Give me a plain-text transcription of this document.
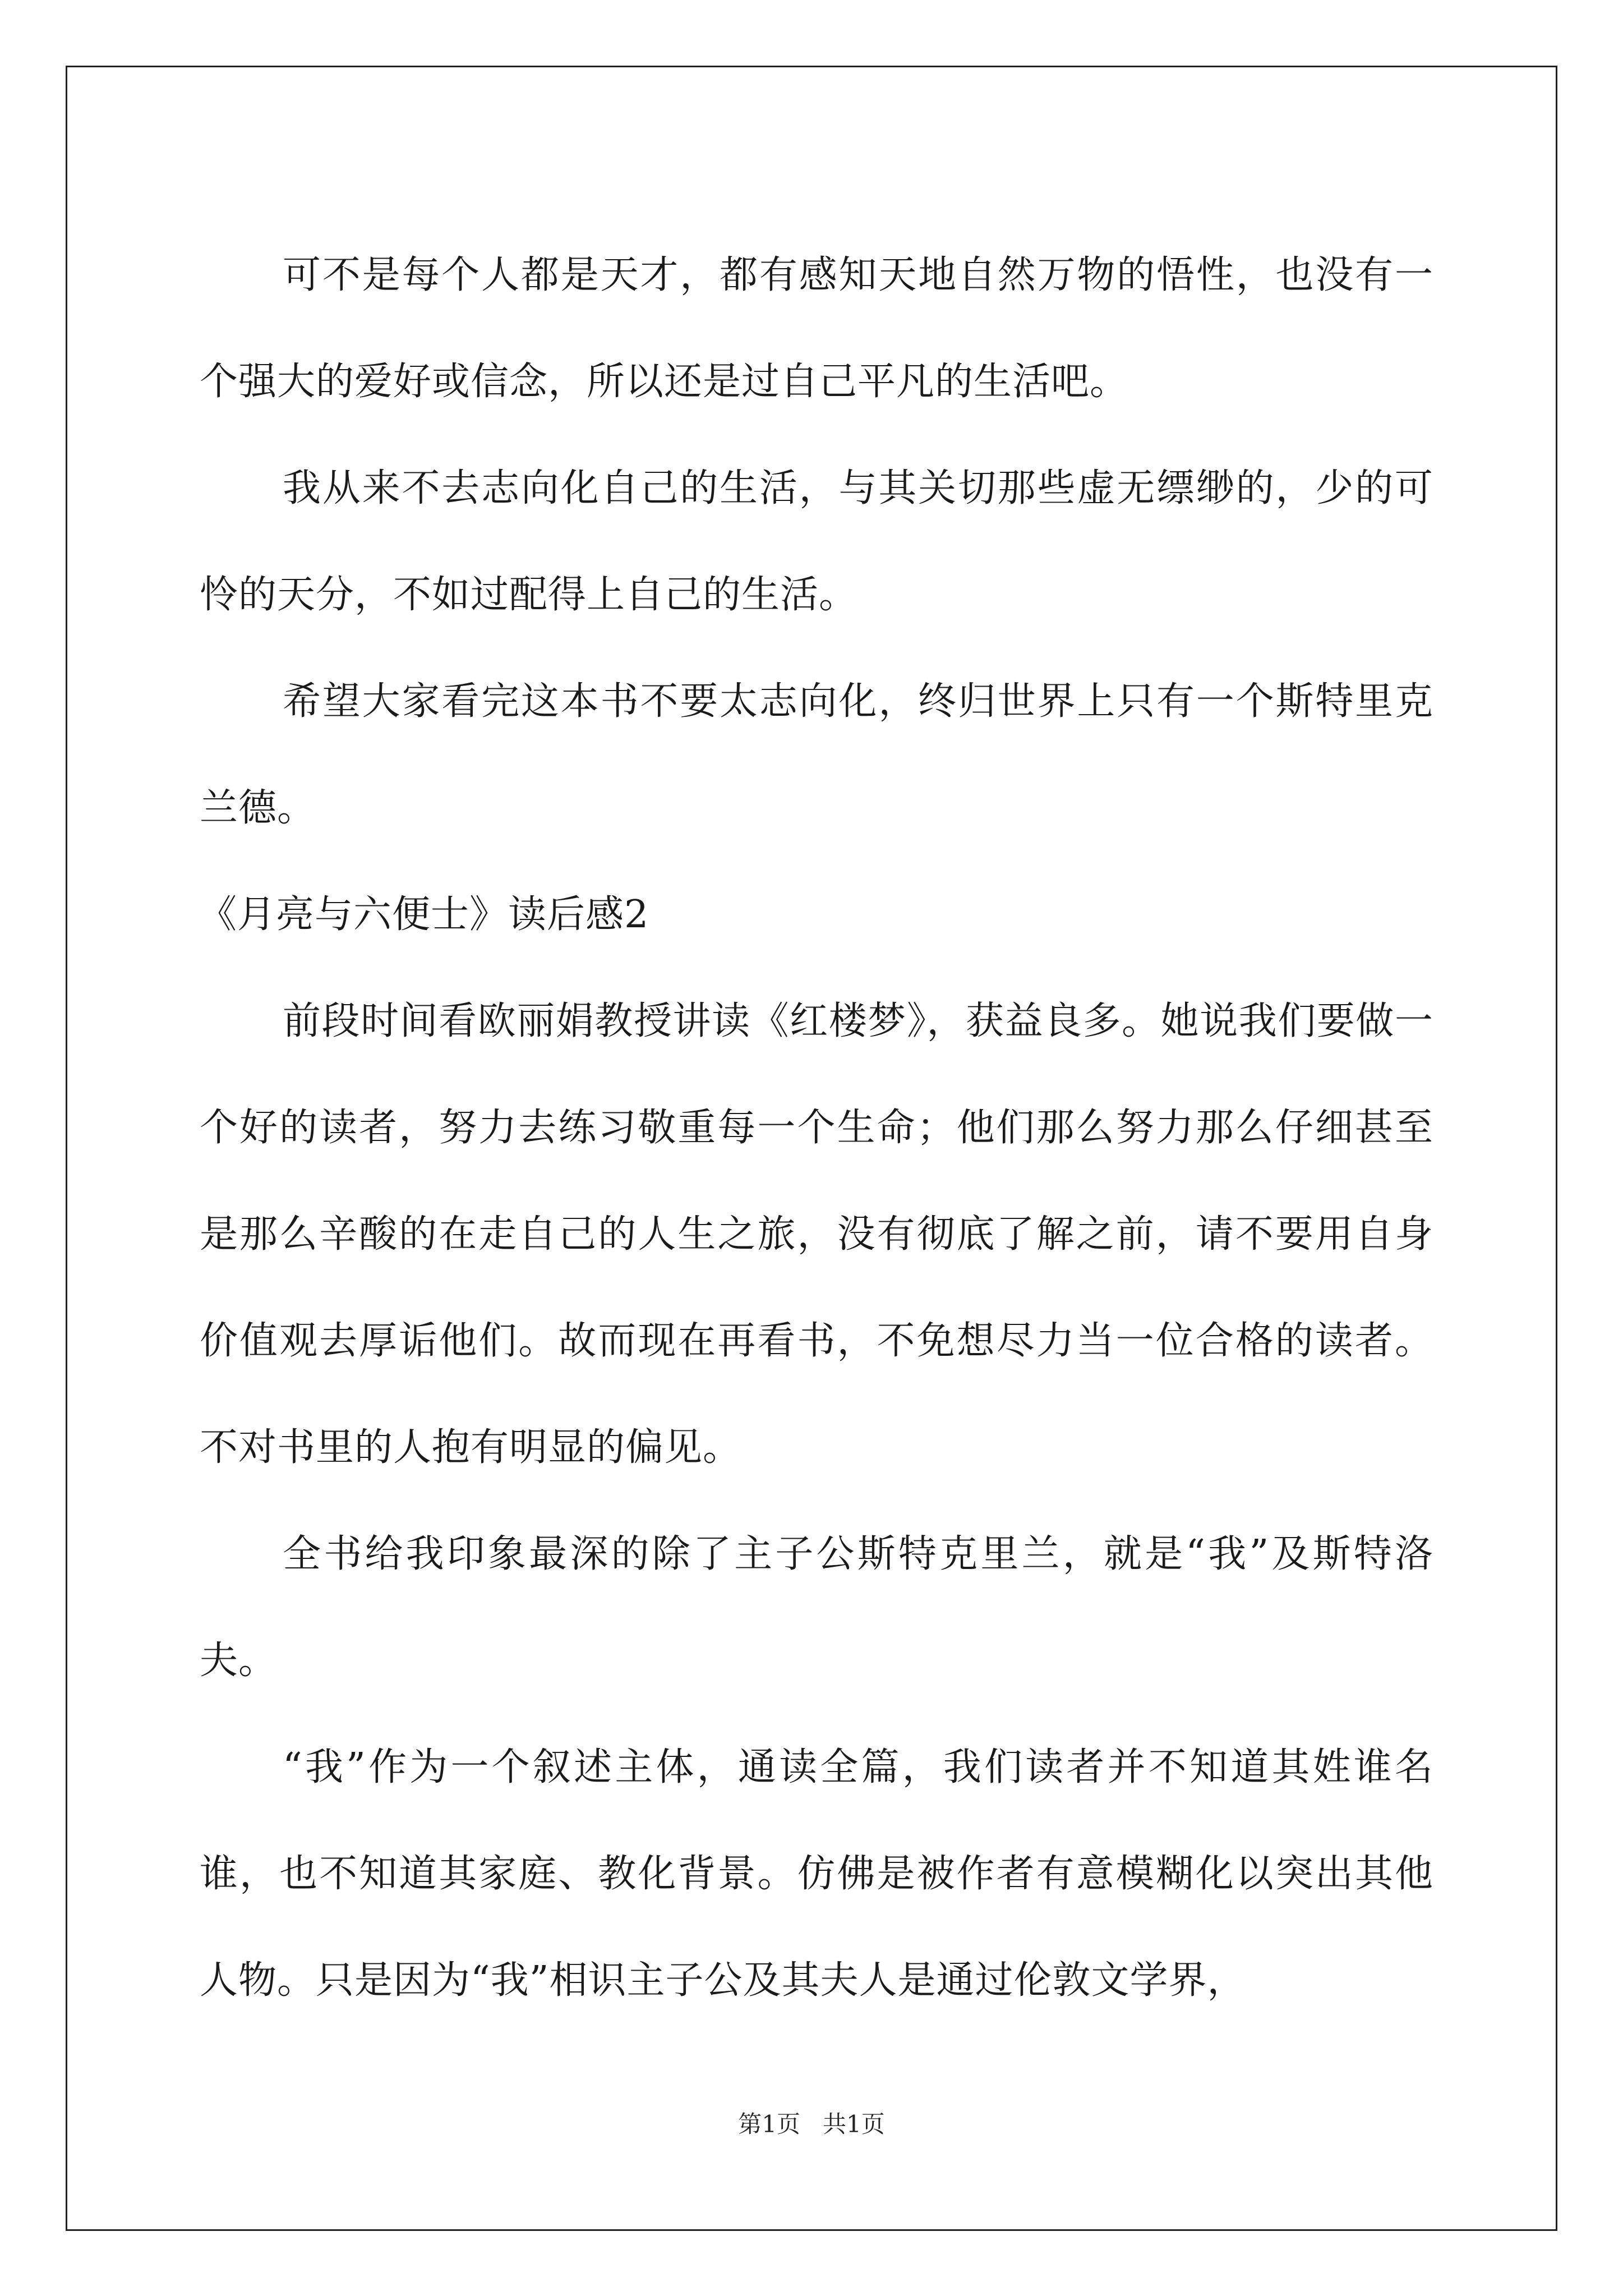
可不是每个人都是天才，都有感知天地自然万物的悟性，也没有一个强大的爱好或信念，所以还是过自己平凡的生活吧。

我从来不去志向化自己的生活，与其关切那些虚无缥缈的，少的可怜的天分，不如过配得上自己的生活。

希望大家看完这本书不要太志向化，终归世界上只有一个斯特里克兰德。

《月亮与六便士》读后感2

前段时间看欧丽娟教授讲读《红楼梦》，获益良多。她说我们要做一个好的读者，努力去练习敬重每一个生命；他们那么努力那么仔细甚至是那么辛酸的在走自己的人生之旅，没有彻底了解之前，请不要用自身价值观去厚诟他们。故而现在再看书，不免想尽力当一位合格的读者。不对书里的人抱有明显的偏见。

全书给我印象最深的除了主子公斯特克里兰，就是“我”及斯特洛夫。

“我”作为一个叙述主体，通读全篇，我们读者并不知道其姓谁名谁，也不知道其家庭、教化背景。仿佛是被作者有意模糊化以突出其他人物。只是因为“我”相识主子公及其夫人是通过伦敦文学界，

第1页   共1页
